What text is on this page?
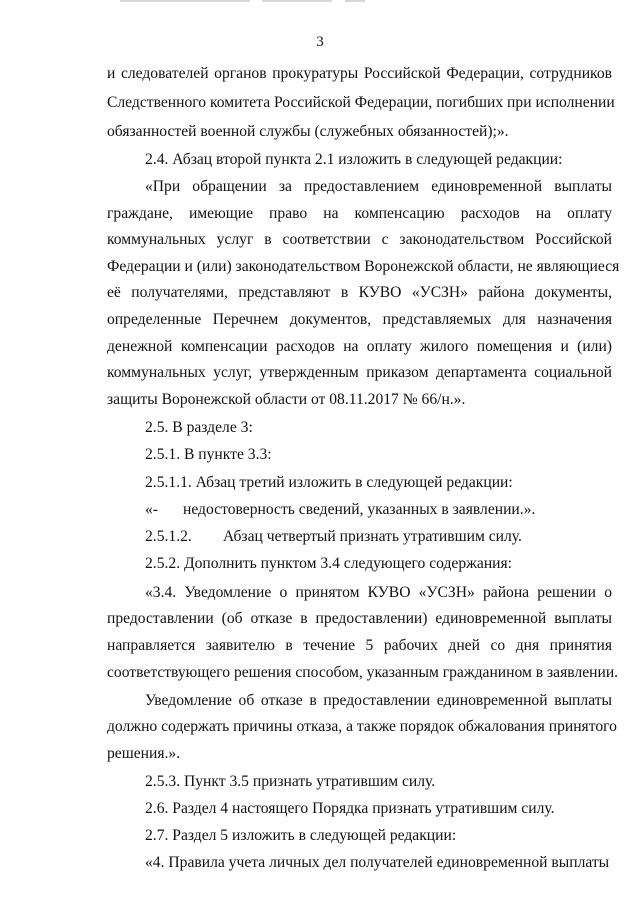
3
и следователей органов прокуратуры Российской Федерации, сотрудников
Следственного комитета Российской Федерации, погибших при исполнении
обязанностей военной службы (служебных обязанностей);».
2.4. Абзац второй пункта 2.1 изложить в следующей редакции:
«При обращении за предоставлением единовременной выплаты
граждане, имеющие право на компенсацию расходов на оплату
коммунальных услуг в соответствии с законодательством Российской
Федерации и (или) законодательством Воронежской области, не являющиеся
её получателями, представляют в КУВО «УСЗН» района документы,
определенные Перечнем документов, представляемых для назначения
денежной компенсации расходов на оплату жилого помещения и (или)
коммунальных услуг, утвержденным приказом департамента социальной
защиты Воронежской области от 08.11.2017 № 66/н.».
2.5. В разделе 3:
2.5.1. В пункте 3.3:
2.5.1.1. Абзац третий изложить в следующей редакции:
«- недостоверность сведений, указанных в заявлении.».
2.5.1.2. Абзац четвертый признать утратившим силу.
2.5.2. Дополнить пунктом 3.4 следующего содержания:
«3.4. Уведомление о принятом КУВО «УСЗН» района решении о
предоставлении (об отказе в предоставлении) единовременной выплаты
направляется заявителю в течение 5 рабочих дней со дня принятия
соответствующего решения способом, указанным гражданином в заявлении.
Уведомление об отказе в предоставлении единовременной выплаты
должно содержать причины отказа, а также порядок обжалования принятого
решения.».
2.5.3. Пункт 3.5 признать утратившим силу.
2.6. Раздел 4 настоящего Порядка признать утратившим силу.
2.7. Раздел 5 изложить в следующей редакции:
«4. Правила учета личных дел получателей единовременной выплаты
